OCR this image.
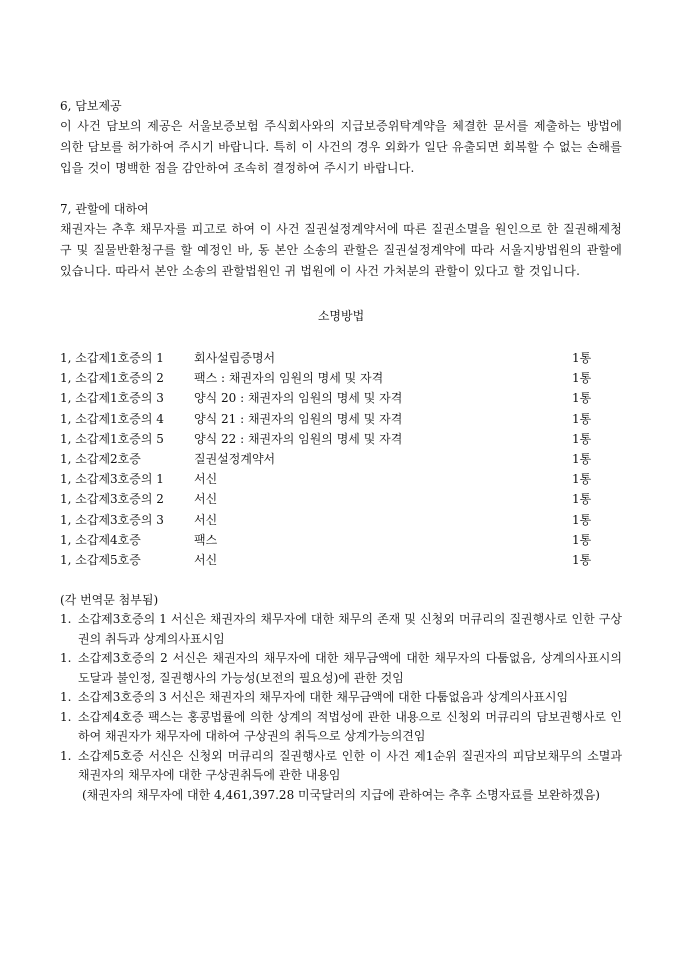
6, 담보제공
이 사건 담보의 제공은 서울보증보험 주식회사와의 지급보증위탁계약을 체결한 문서를 제출하는 방법에 의한 담보를 허가하여 주시기 바랍니다. 특히 이 사건의 경우 외화가 일단 유출되면 회복할 수 없는 손해를 입을 것이 명백한 점을 감안하여 조속히 결정하여 주시기 바랍니다.
7, 관할에 대하여
채권자는 추후 채무자를 피고로 하여 이 사건 질권설정계약서에 따른 질권소멸을 원인으로 한 질권해제청구 및 질물반환청구를 할 예정인 바, 동 본안 소송의 관할은 질권설정계약에 따라 서울지방법원의 관할에 있습니다. 따라서 본안 소송의 관할법원인 귀 법원에 이 사건 가처분의 관할이 있다고 할 것입니다.
소명방법
1, 소갑제1호증의 1	회사설립증명서	1통
1, 소갑제1호증의 2	팩스 : 채권자의 임원의 명세 및 자격	1통
1, 소갑제1호증의 3	양식 20 : 채권자의 임원의 명세 및 자격	1통
1, 소갑제1호증의 4	양식 21 : 채권자의 임원의 명세 및 자격	1통
1, 소갑제1호증의 5	양식 22 : 채권자의 임원의 명세 및 자격	1통
1, 소갑제2호증	질권설정계약서	1통
1, 소갑제3호증의 1	서신	1통
1, 소갑제3호증의 2	서신	1통
1, 소갑제3호증의 3	서신	1통
1, 소갑제4호증	팩스	1통
1, 소갑제5호증	서신	1통
(각 번역문 첨부됨)
1. 소갑제3호증의 1 서신은 채권자의 채무자에 대한 채무의 존재 및 신청외 머큐리의 질권행사로 인한 구상권의 취득과 상계의사표시임
1. 소갑제3호증의 2 서신은 채권자의 채무자에 대한 채무금액에 대한 채무자의 다툼없음, 상계의사표시의 도달과 불인정, 질권행사의 가능성(보전의 필요성)에 관한 것임
1. 소갑제3호증의 3 서신은 채권자의 채무자에 대한 채무금액에 대한 다툼없음과 상계의사표시임
1. 소갑제4호증 팩스는 홍콩법률에 의한 상계의 적법성에 관한 내용으로 신청외 머큐리의 담보권행사로 인하여 채권자가 채무자에 대하여 구상권의 취득으로 상계가능의견임
1. 소갑제5호증 서신은 신청외 머큐리의 질권행사로 인한 이 사건 제1순위 질권자의 피담보채무의 소멸과 채권자의 채무자에 대한 구상권취득에 관한 내용임
(채권자의 채무자에 대한 4,461,397.28 미국달러의 지급에 관하여는 추후 소명자료를 보완하겠음)
